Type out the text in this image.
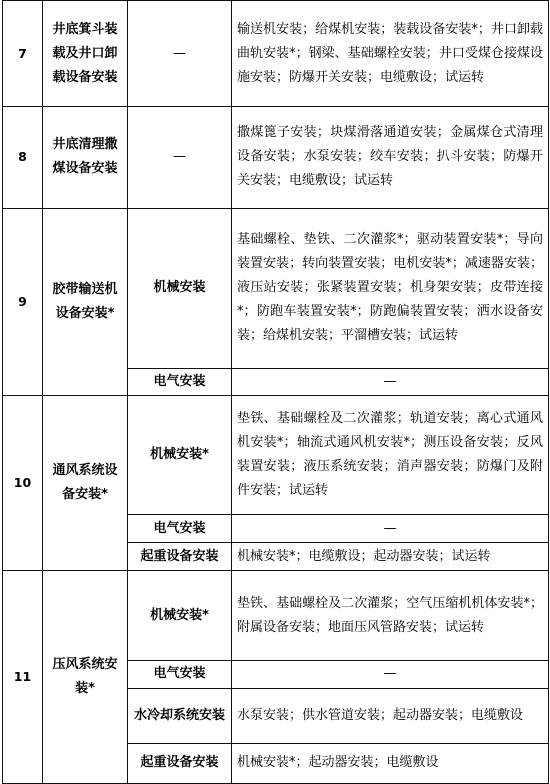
7	井底箕斗装载及井口卸载设备安装	—	输送机安装；给煤机安装；装载设备安装*；井口卸载曲轨安装*；钢梁、基础螺栓安装；井口受煤仓接煤设施安装；防爆开关安装；电缆敷设；试运转
8	井底清理撒煤设备安装	—	撒煤篦子安装；块煤滑落通道安装；金属煤仓式清理设备安装；水泵安装；绞车安装；扒斗安装；防爆开关安装；电缆敷设；试运转
9	胶带输送机设备安装*	机械安装	基础螺栓、垫铁、二次灌浆*；驱动装置安装*；导向装置安装；转向装置安装；电机安装*；减速器安装；液压站安装；张紧装置安装；机身架安装；皮带连接*；防跑车装置安装*；防跑偏装置安装；洒水设备安装；给煤机安装；平溜槽安装；试运转
		电气安装	—
10	通风系统设备安装*	机械安装*	垫铁、基础螺栓及二次灌浆；轨道安装；离心式通风机安装*；轴流式通风机安装*；测压设备安装；反风装置安装；液压系统安装；消声器安装；防爆门及附件安装；试运转
		电气安装	—
		起重设备安装	机械安装*；电缆敷设；起动器安装；试运转
11	压风系统安装*	机械安装*	垫铁、基础螺栓及二次灌浆；空气压缩机机体安装*；附属设备安装；地面压风管路安装；试运转
		电气安装	—
		水冷却系统安装	水泵安装；供水管道安装；起动器安装；电缆敷设
		起重设备安装	机械安装*；起动器安装；电缆敷设
